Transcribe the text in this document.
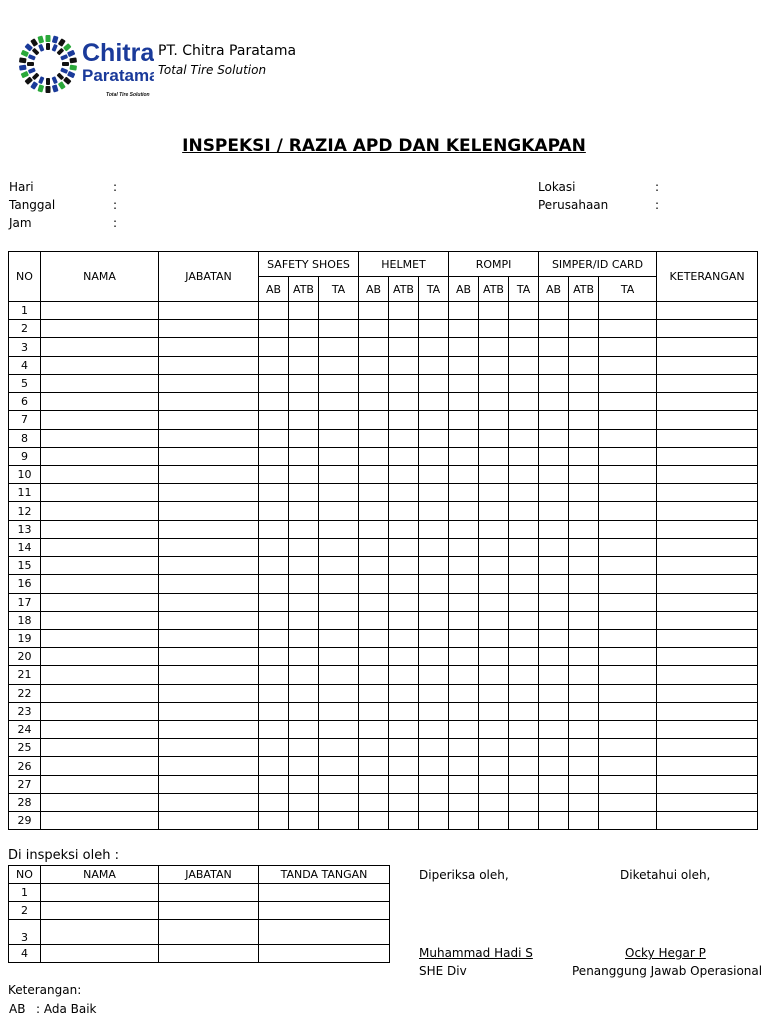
Chitra
Paratama
Total Tire Solution
PT. Chitra Paratama
Total Tire Solution
INSPEKSI / RAZIA APD DAN KELENGKAPAN
Hari	:
Tanggal	:
Jam	:
Lokasi	:
Perusahaan	:
NO	NAMA	JABATAN	SAFETY SHOES			HELMET			ROMPI			SIMPER/ID CARD			KETERANGAN
			AB	ATB	TA	AB	ATB	TA	AB	ATB	TA	AB	ATB	TA	
1															
2															
3															
4															
5															
6															
7															
8															
9															
10															
11															
12															
13															
14															
15															
16															
17															
18															
19															
20															
21															
22															
23															
24															
25															
26															
27															
28															
29															
Di inspeksi oleh :
NO	NAMA	JABATAN	TANDA TANGAN
1			
2			
3			
4			
Diperiksa oleh,	Diketahui oleh,
Muhammad Hadi S
SHE Div
Ocky Hegar P
Penanggung Jawab Operasional
Keterangan:
AB : Ada Baik
